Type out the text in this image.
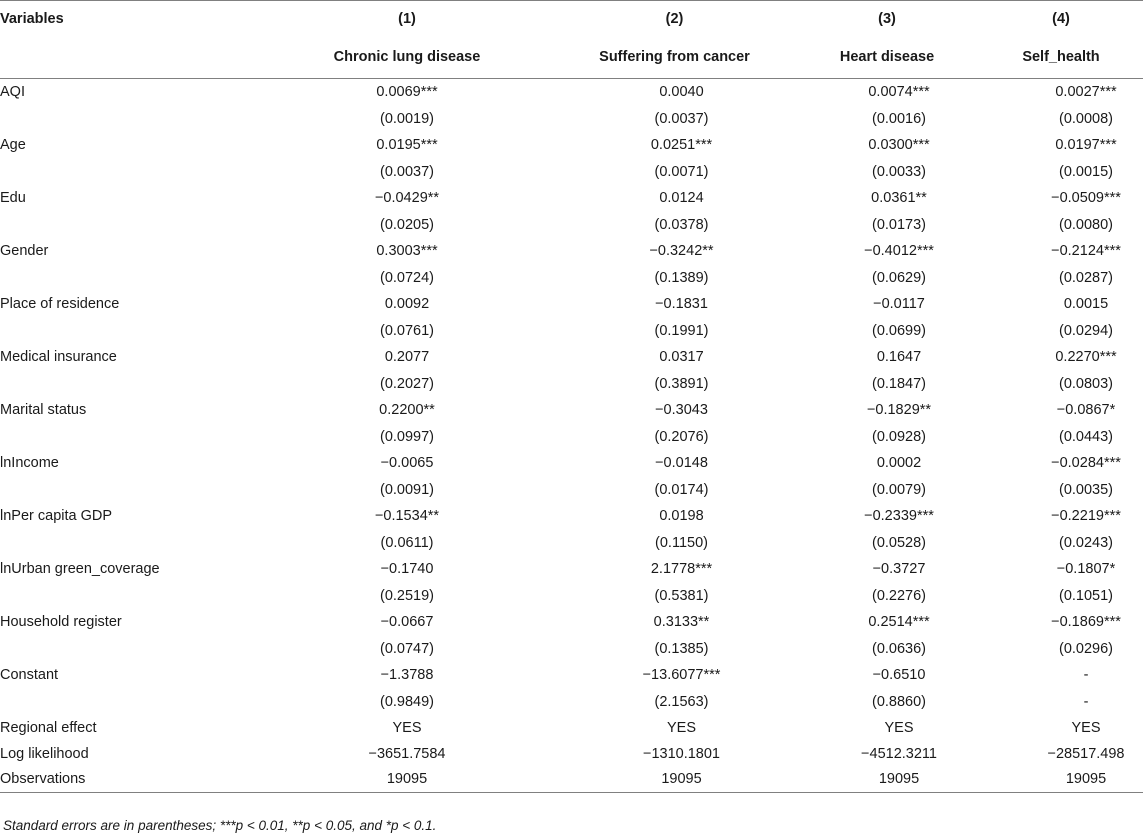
Variables	(1)	(2)	(3)	(4)

	Chronic lung disease	Suffering from cancer	Heart disease	Self_health

AQI	0.0069***	0.0040	0.0074***	0.0027***
	(0.0019)	(0.0037)	(0.0016)	(0.0008)
Age	0.0195***	0.0251***	0.0300***	0.0197***
	(0.0037)	(0.0071)	(0.0033)	(0.0015)
Edu	−0.0429**	0.0124	0.0361**	−0.0509***
	(0.0205)	(0.0378)	(0.0173)	(0.0080)
Gender	0.3003***	−0.3242**	−0.4012***	−0.2124***
	(0.0724)	(0.1389)	(0.0629)	(0.0287)
Place of residence	0.0092	−0.1831	−0.0117	0.0015
	(0.0761)	(0.1991)	(0.0699)	(0.0294)
Medical insurance	0.2077	0.0317	0.1647	0.2270***
	(0.2027)	(0.3891)	(0.1847)	(0.0803)
Marital status	0.2200**	−0.3043	−0.1829**	−0.0867*
	(0.0997)	(0.2076)	(0.0928)	(0.0443)
lnIncome	−0.0065	−0.0148	0.0002	−0.0284***
	(0.0091)	(0.0174)	(0.0079)	(0.0035)
lnPer capita GDP	−0.1534**	0.0198	−0.2339***	−0.2219***
	(0.0611)	(0.1150)	(0.0528)	(0.0243)
lnUrban green_coverage	−0.1740	2.1778***	−0.3727	−0.1807*
	(0.2519)	(0.5381)	(0.2276)	(0.1051)
Household register	−0.0667	0.3133**	0.2514***	−0.1869***
	(0.0747)	(0.1385)	(0.0636)	(0.0296)
Constant	−1.3788	−13.6077***	−0.6510	-
	(0.9849)	(2.1563)	(0.8860)	-
Regional effect	YES	YES	YES	YES
Log likelihood	−3651.7584	−1310.1801	−4512.3211	−28517.498
Observations	19095	19095	19095	19095
Standard errors are in parentheses; ***p < 0.01, **p < 0.05, and *p < 0.1.
